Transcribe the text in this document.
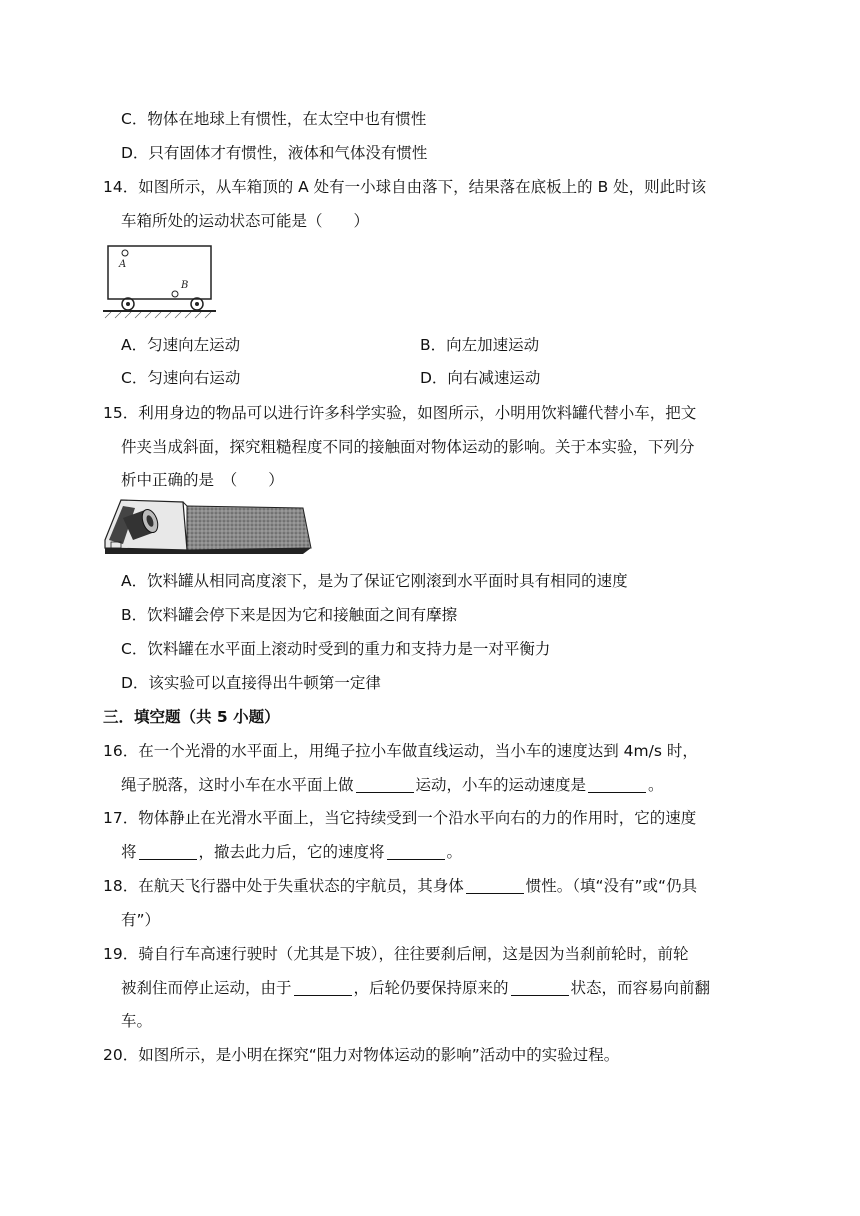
C．物体在地球上有惯性，在太空中也有惯性
D．只有固体才有惯性，液体和气体没有惯性
14．如图所示，从车箱顶的 A 处有一小球自由落下，结果落在底板上的 B 处，则此时该
车箱所处的运动状态可能是（　　）
A
B
A．匀速向左运动	B．向左加速运动
C．匀速向右运动	D．向右减速运动
15．利用身边的物品可以进行许多科学实验，如图所示，小明用饮料罐代替小车，把文
件夹当成斜面，探究粗糙程度不同的接触面对物体运动的影响。关于本实验，下列分
析中正确的是　（　　）
A．饮料罐从相同高度滚下，是为了保证它刚滚到水平面时具有相同的速度
B．饮料罐会停下来是因为它和接触面之间有摩擦
C．饮料罐在水平面上滚动时受到的重力和支持力是一对平衡力
D．该实验可以直接得出牛顿第一定律
三．填空题（共 5 小题）
16．在一个光滑的水平面上，用绳子拉小车做直线运动，当小车的速度达到 4m/s 时，
绳子脱落，这时小车在水平面上做	运动，小车的运动速度是	。
17．物体静止在光滑水平面上，当它持续受到一个沿水平向右的力的作用时，它的速度
将	，撤去此力后，它的速度将	。
18．在航天飞行器中处于失重状态的宇航员，其身体	惯性。（填“没有”或“仍具
有”）
19．骑自行车高速行驶时（尤其是下坡），往往要刹后闸，这是因为当刹前轮时，前轮
被刹住而停止运动，由于	，后轮仍要保持原来的	状态，而容易向前翻
车。
20．如图所示，是小明在探究“阻力对物体运动的影响”活动中的实验过程。
